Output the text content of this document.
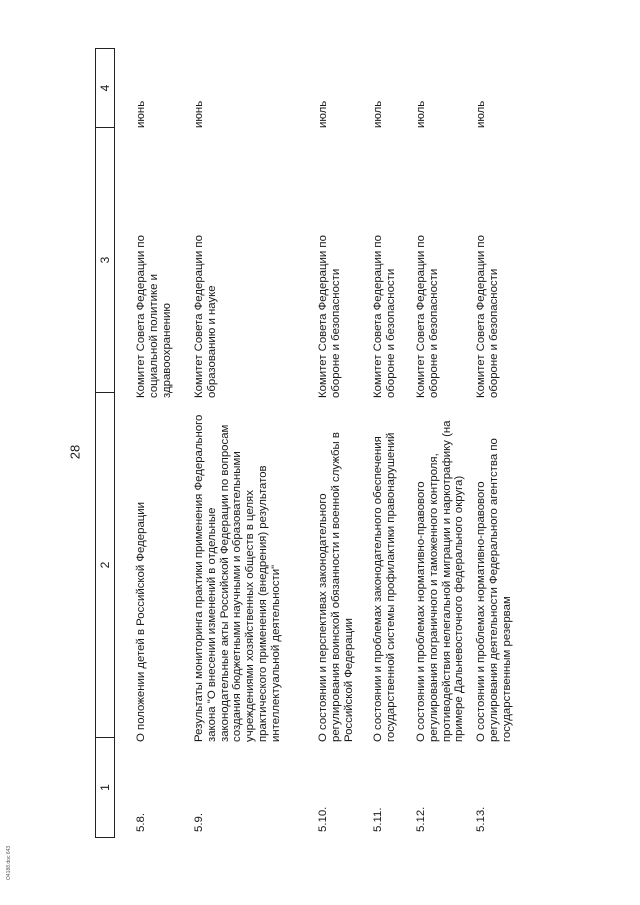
28
1
2
3
4
5.8.
О положении детей в Российской Федерации
Комитет Совета Федерации по социальной политике и здравоохранению
июнь
5.9.
Результаты мониторинга практики применения Федерального закона "О внесении изменений в отдельные законодательные акты Российской Федерации по вопросам создания бюджетными научными и образовательными учреждениями хозяйственных обществ в целях практического применения (внедрения) результатов интеллектуальной деятельности"
Комитет Совета Федерации по образованию и науке
июнь
5.10.
О состоянии и перспективах законодательного регулирования воинской обязанности и военной службы в Российской Федерации
Комитет Совета Федерации по обороне и безопасности
июль
5.11.
О состоянии и проблемах законодательного обеспечения государственной системы профилактики правонарушений
Комитет Совета Федерации по обороне и безопасности
июль
5.12.
О состоянии и проблемах нормативно-правового регулирования пограничного и таможенного контроля, противодействия нелегальной миграции и наркотрафику (на примере Дальневосточного федерального округа)
Комитет Совета Федерации по обороне и безопасности
июль
5.13.
О состоянии и проблемах нормативно-правового регулирования деятельности Федерального агентства по государственным резервам
Комитет Совета Федерации по обороне и безопасности
июль
О4188.doc 643
